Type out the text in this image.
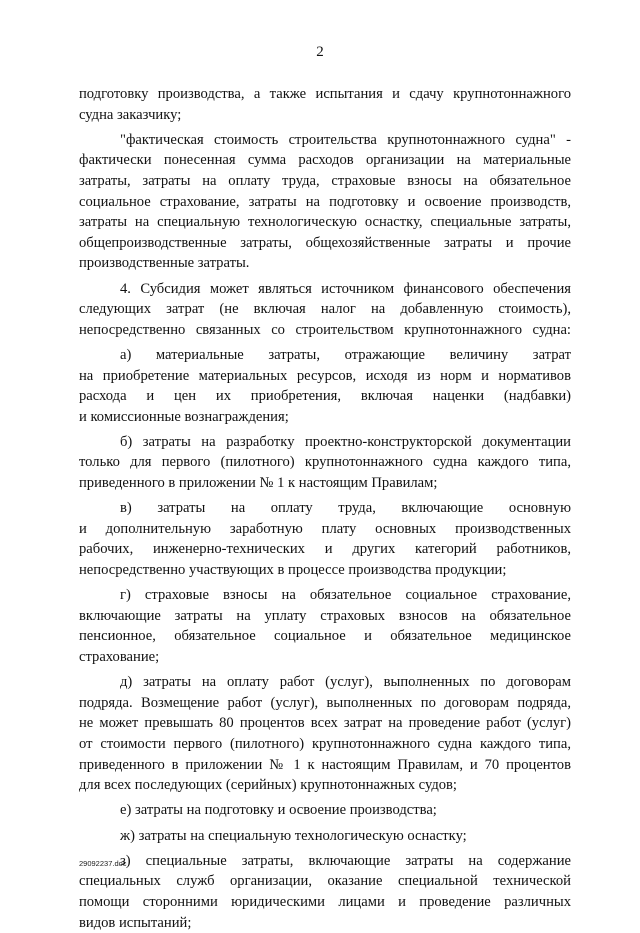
2
подготовку производства, а также испытания и сдачу крупнотоннажного
судна заказчику;
"фактическая стоимость строительства крупнотоннажного судна" -
фактически понесенная сумма расходов организации на материальные
затраты, затраты на оплату труда, страховые взносы на обязательное
социальное страхование, затраты на подготовку и освоение производств,
затраты на специальную технологическую оснастку, специальные затраты,
общепроизводственные затраты, общехозяйственные затраты и прочие
производственные затраты.
4. Субсидия может являться источником финансового обеспечения
следующих затрат (не включая налог на добавленную стоимость),
непосредственно связанных со строительством крупнотоннажного судна:
а) материальные затраты, отражающие величину затрат
на приобретение материальных ресурсов, исходя из норм и нормативов
расхода и цен их приобретения, включая наценки (надбавки)
и комиссионные вознаграждения;
б) затраты на разработку проектно-конструкторской документации
только для первого (пилотного) крупнотоннажного судна каждого типа,
приведенного в приложении № 1 к настоящим Правилам;
в) затраты на оплату труда, включающие основную
и дополнительную заработную плату основных производственных
рабочих, инженерно-технических и других категорий работников,
непосредственно участвующих в процессе производства продукции;
г) страховые взносы на обязательное социальное страхование,
включающие затраты на уплату страховых взносов на обязательное
пенсионное, обязательное социальное и обязательное медицинское
страхование;
д) затраты на оплату работ (услуг), выполненных по договорам
подряда. Возмещение работ (услуг), выполненных по договорам подряда,
не может превышать 80 процентов всех затрат на проведение работ (услуг)
от стоимости первого (пилотного) крупнотоннажного судна каждого типа,
приведенного в приложении № 1 к настоящим Правилам, и 70 процентов
для всех последующих (серийных) крупнотоннажных судов;
е) затраты на подготовку и освоение производства;
ж) затраты на специальную технологическую оснастку;
з) специальные затраты, включающие затраты на содержание
специальных служб организации, оказание специальной технической
помощи сторонними юридическими лицами и проведение различных
видов испытаний;
29092237.doc
